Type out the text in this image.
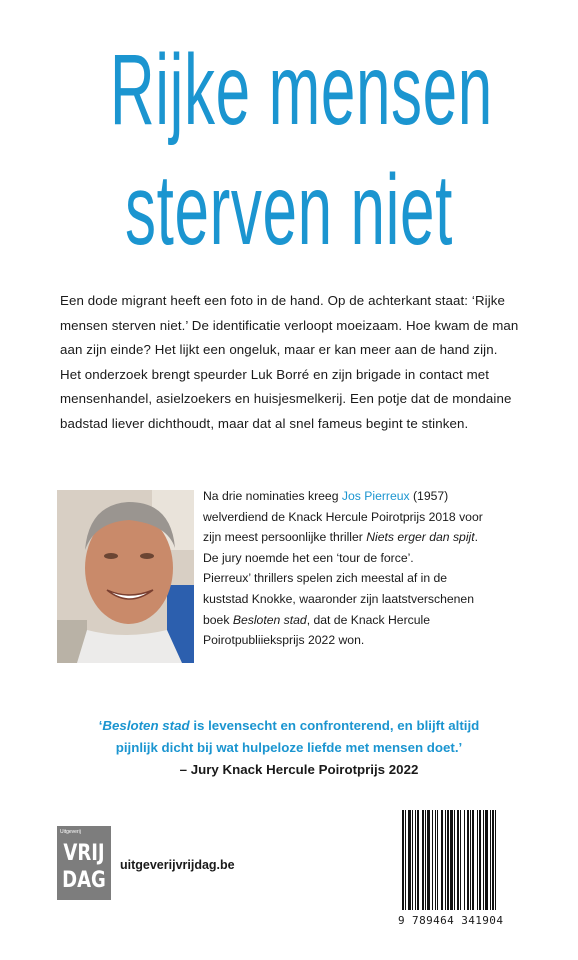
Rijke mensen
sterven niet
Een dode migrant heeft een foto in de hand. Op de achterkant staat: ‘Rijke
mensen sterven niet.’ De identificatie verloopt moeizaam. Hoe kwam de man
aan zijn einde? Het lijkt een ongeluk, maar er kan meer aan de hand zijn.
Het onderzoek brengt speurder Luk Borré en zijn brigade in contact met
mensenhandel, asielzoekers en huisjesmelkerij. Een potje dat de mondaine
badstad liever dichthoudt, maar dat al snel fameus begint te stinken.
Na drie nominaties kreeg Jos Pierreux (1957)
welverdiend de Knack Hercule Poirotprijs 2018 voor
zijn meest persoonlijke thriller Niets erger dan spijt.
De jury noemde het een ‘tour de force’.
Pierreux’ thrillers spelen zich meestal af in de
kuststad Knokke, waaronder zijn laatstverschenen
boek Besloten stad, dat de Knack Hercule
Poirotpubliieksprijs 2022 won.
‘Besloten stad is levensecht en confronterend, en blijft altijd
pijnlijk dicht bij wat hulpeloze liefde met mensen doet.’
– Jury Knack Hercule Poirotprijs 2022
Uitgeverij
VRIJ
DAG
uitgeverijvrijdag.be
9 789464 341904
